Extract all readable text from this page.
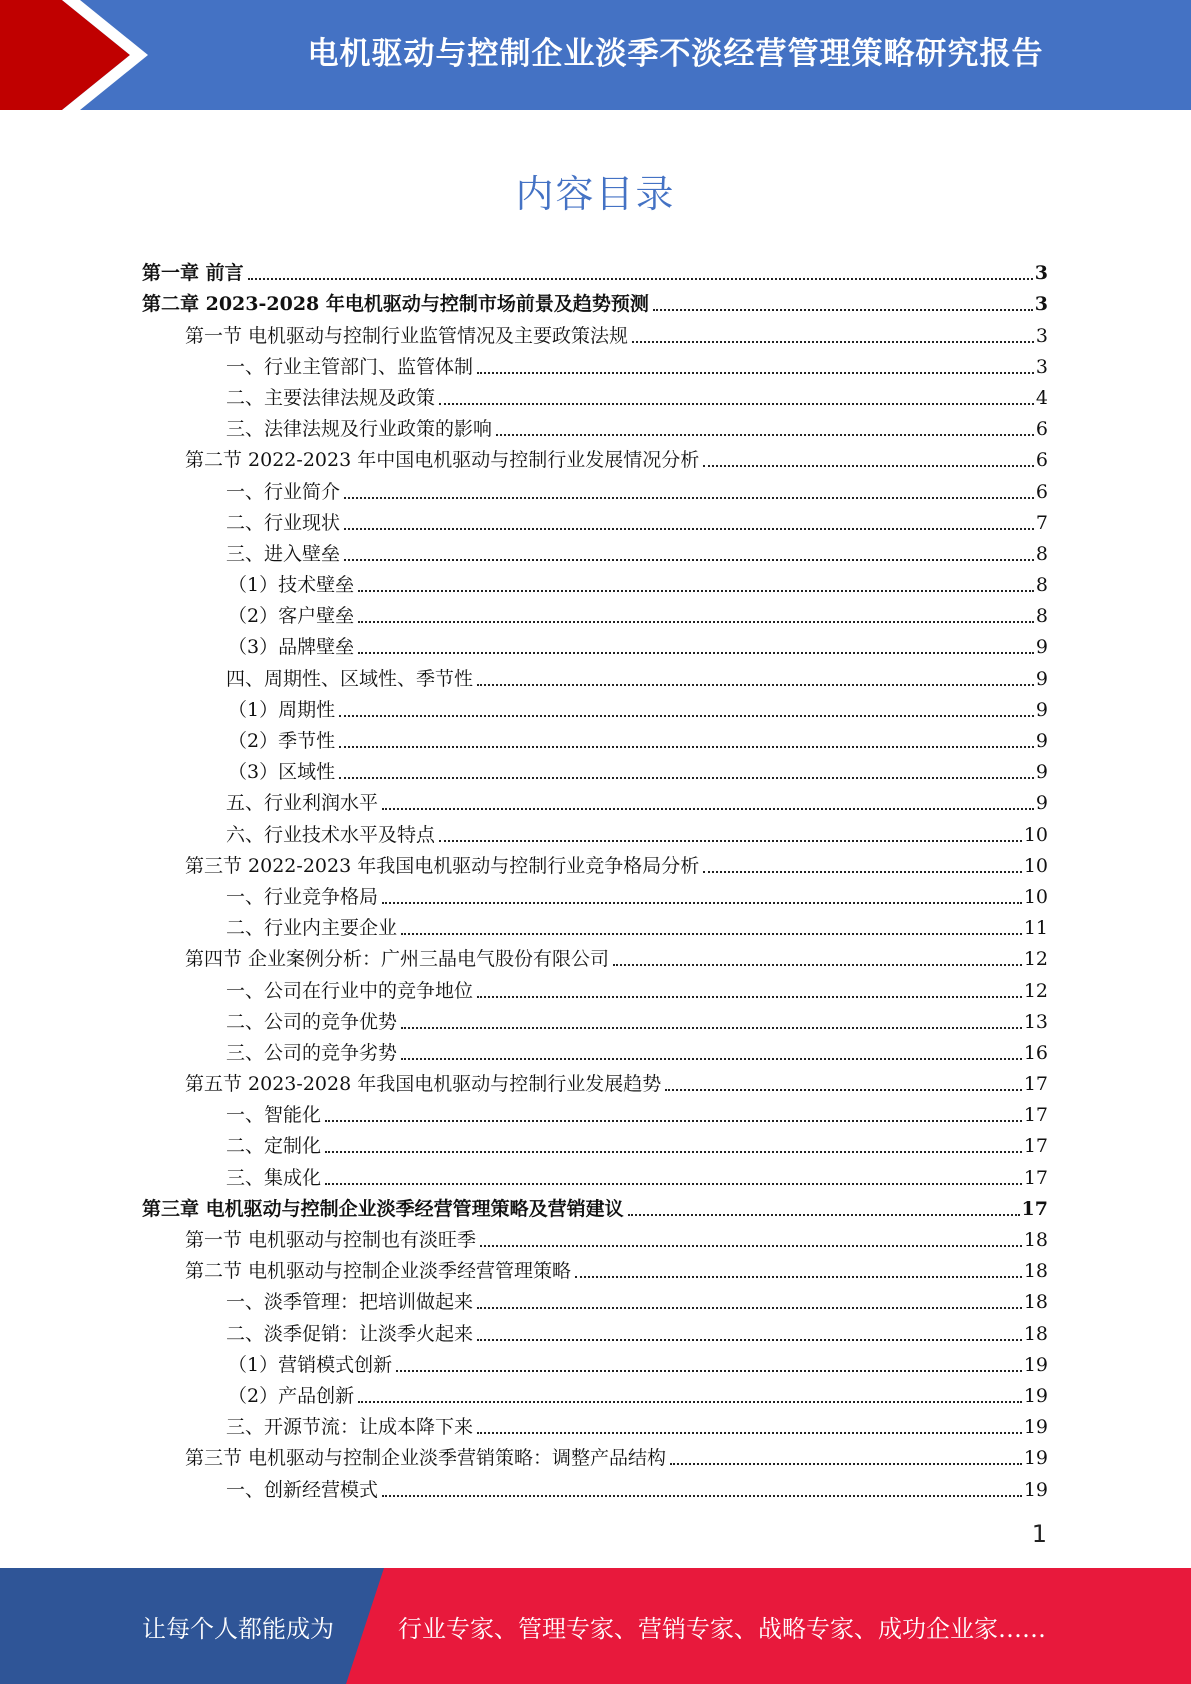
电机驱动与控制企业淡季不淡经营管理策略研究报告
内容目录
第一章 前言	3
第二章 2023-2028 年电机驱动与控制市场前景及趋势预测	3
第一节 电机驱动与控制行业监管情况及主要政策法规	3
一、行业主管部门、监管体制	3
二、主要法律法规及政策	4
三、法律法规及行业政策的影响	6
第二节 2022-2023 年中国电机驱动与控制行业发展情况分析	6
一、行业简介	6
二、行业现状	7
三、进入壁垒	8
（1）技术壁垒	8
（2）客户壁垒	8
（3）品牌壁垒	9
四、周期性、区域性、季节性	9
（1）周期性	9
（2）季节性	9
（3）区域性	9
五、行业利润水平	9
六、行业技术水平及特点	10
第三节 2022-2023 年我国电机驱动与控制行业竞争格局分析	10
一、行业竞争格局	10
二、行业内主要企业	11
第四节 企业案例分析：广州三晶电气股份有限公司	12
一、公司在行业中的竞争地位	12
二、公司的竞争优势	13
三、公司的竞争劣势	16
第五节 2023-2028 年我国电机驱动与控制行业发展趋势	17
一、智能化	17
二、定制化	17
三、集成化	17
第三章 电机驱动与控制企业淡季经营管理策略及营销建议	17
第一节 电机驱动与控制也有淡旺季	18
第二节 电机驱动与控制企业淡季经营管理策略	18
一、淡季管理：把培训做起来	18
二、淡季促销：让淡季火起来	18
（1）营销模式创新	19
（2）产品创新	19
三、开源节流：让成本降下来	19
第三节 电机驱动与控制企业淡季营销策略：调整产品结构	19
一、创新经营模式	19
1
让每个人都能成为	行业专家、管理专家、营销专家、战略专家、成功企业家……
